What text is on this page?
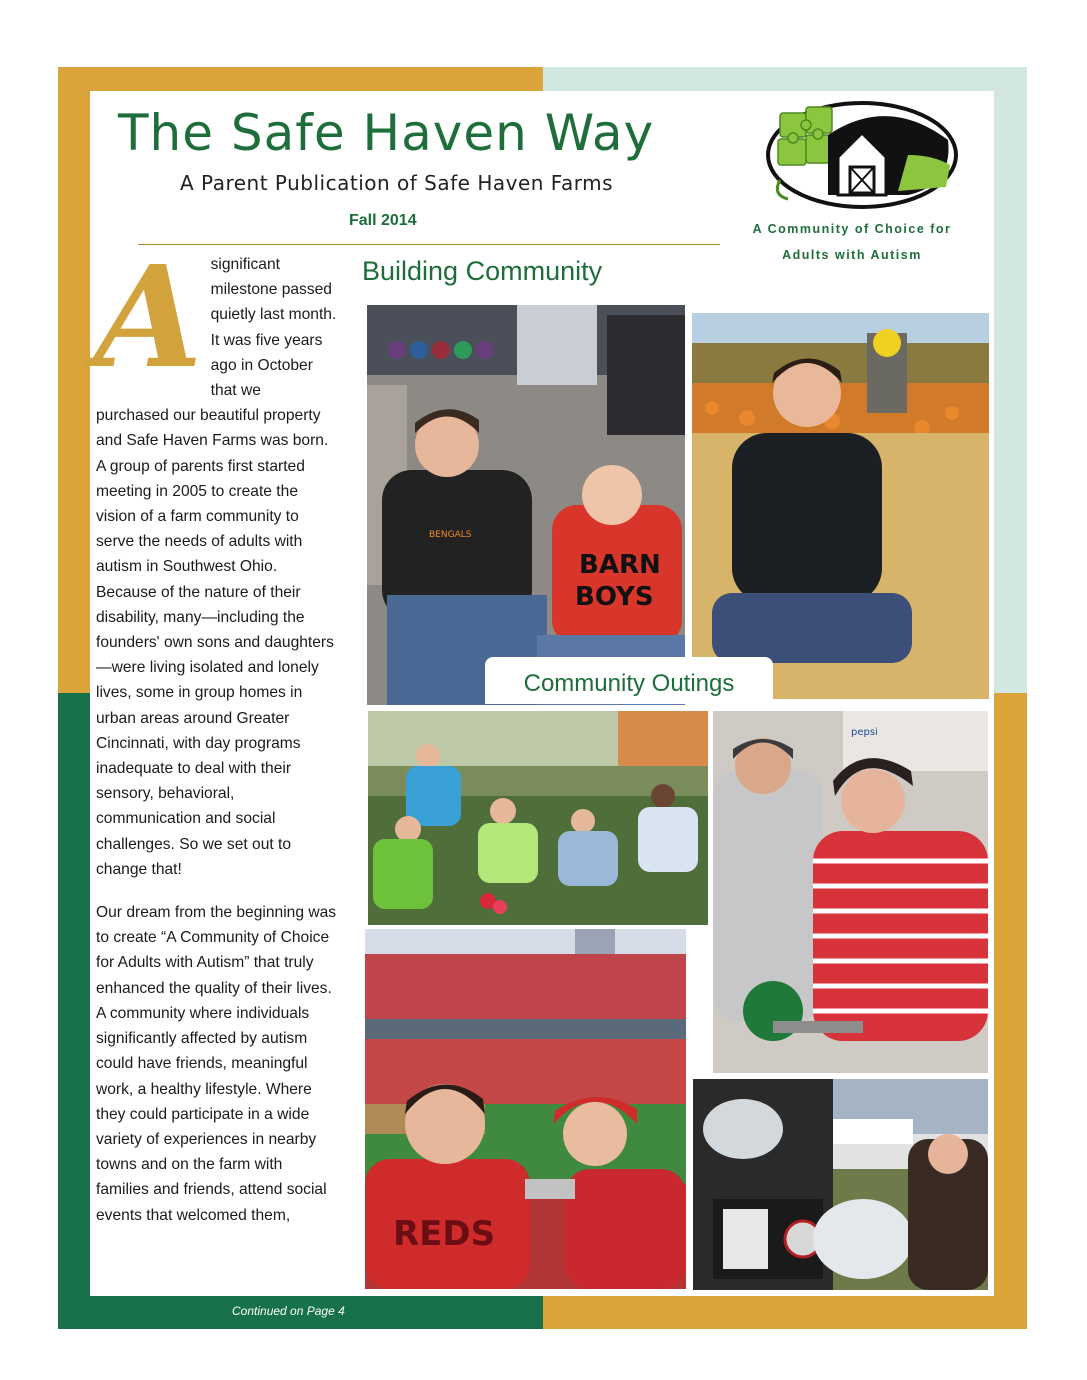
The Safe Haven Way
A Parent Publication of Safe Haven Farms
Fall 2014	A Community of Choice for
Adults with Autism
Building Community

Asignificant milestone passed quietly last month. It was five years ago in October that we purchased our beautiful property and Safe Haven Farms was born. A group of parents first started meeting in 2005 to create the vision of a farm community to serve the needs of adults with autism in Southwest Ohio. Because of the nature of their disability, many—including the founders' own sons and daughters—were living isolated and lonely lives, some in group homes in urban areas around Greater Cincinnati, with day programs inadequate to deal with their sensory, behavioral, communication and social challenges. So we set out to change that!

Our dream from the beginning was to create “A Community of Choice for Adults with Autism” that truly enhanced the quality of their lives. A community where individuals significantly affected by autism could have friends, meaningful work, a healthy lifestyle. Where they could participate in a wide variety of experiences in nearby towns and on the farm with families and friends, attend social events that welcomed them,

Continued on Page 4
BARN
BOYS
BENGALS
Community Outings
pepsi
REDS
